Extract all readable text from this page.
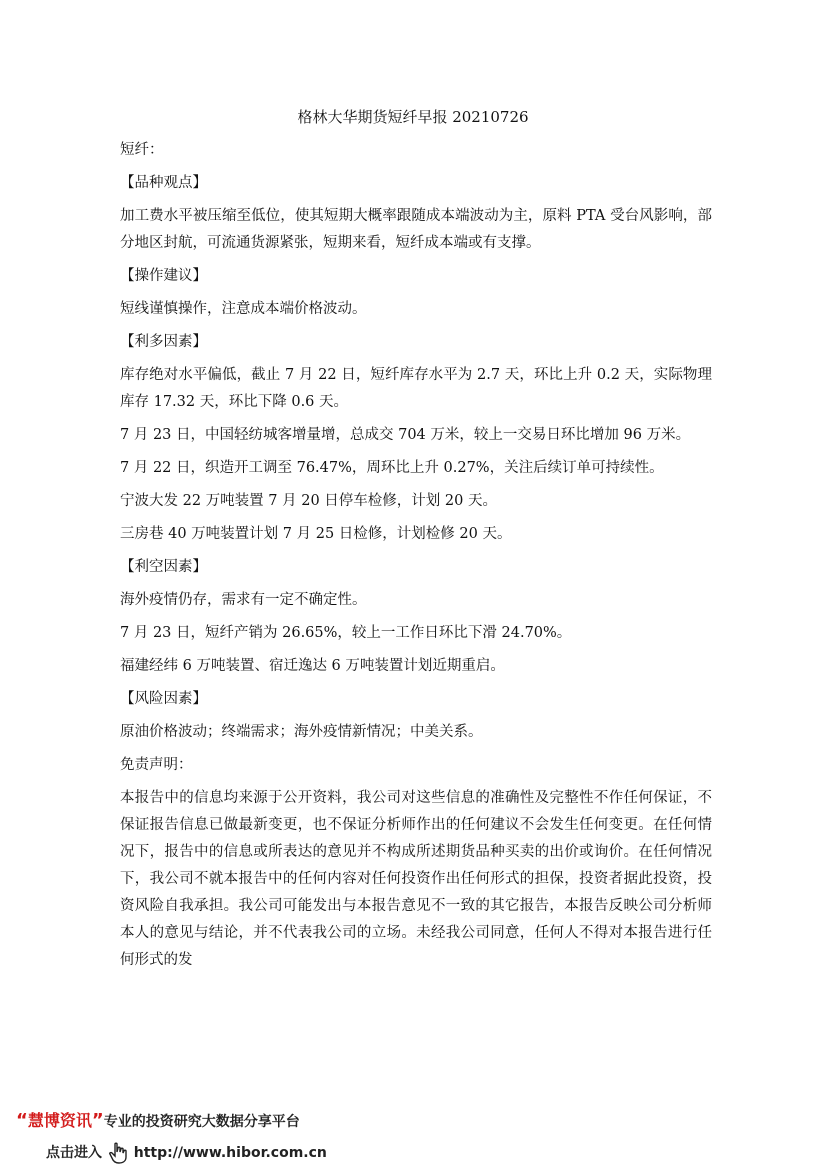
格林大华期货短纤早报 20210726

短纤：

【品种观点】

加工费水平被压缩至低位，使其短期大概率跟随成本端波动为主，原料 PTA 受台风影响，部分地区封航，可流通货源紧张，短期来看，短纤成本端或有支撑。

【操作建议】

短线谨慎操作，注意成本端价格波动。

【利多因素】

库存绝对水平偏低，截止 7 月 22 日，短纤库存水平为 2.7 天，环比上升 0.2 天，实际物理库存 17.32 天，环比下降 0.6 天。

7 月 23 日，中国轻纺城客增量增，总成交 704 万米，较上一交易日环比增加 96 万米。

7 月 22 日，织造开工调至 76.47%，周环比上升 0.27%，关注后续订单可持续性。

宁波大发 22 万吨装置 7 月 20 日停车检修，计划 20 天。

三房巷 40 万吨装置计划 7 月 25 日检修，计划检修 20 天。

【利空因素】

海外疫情仍存，需求有一定不确定性。

7 月 23 日，短纤产销为 26.65%，较上一工作日环比下滑 24.70%。

福建经纬 6 万吨装置、宿迁逸达 6 万吨装置计划近期重启。

【风险因素】

原油价格波动；终端需求；海外疫情新情况；中美关系。

免责声明：

本报告中的信息均来源于公开资料，我公司对这些信息的准确性及完整性不作任何保证，不保证报告信息已做最新变更，也不保证分析师作出的任何建议不会发生任何变更。在任何情况下，报告中的信息或所表达的意见并不构成所述期货品种买卖的出价或询价。在任何情况下，我公司不就本报告中的任何内容对任何投资作出任何形式的担保，投资者据此投资，投资风险自我承担。我公司可能发出与本报告意见不一致的其它报告，本报告反映公司分析师本人的意见与结论，并不代表我公司的立场。未经我公司同意，任何人不得对本报告进行任何形式的发

“慧博资讯”专业的投资研究大数据分享平台
点击进入 http://www.hibor.com.cn
